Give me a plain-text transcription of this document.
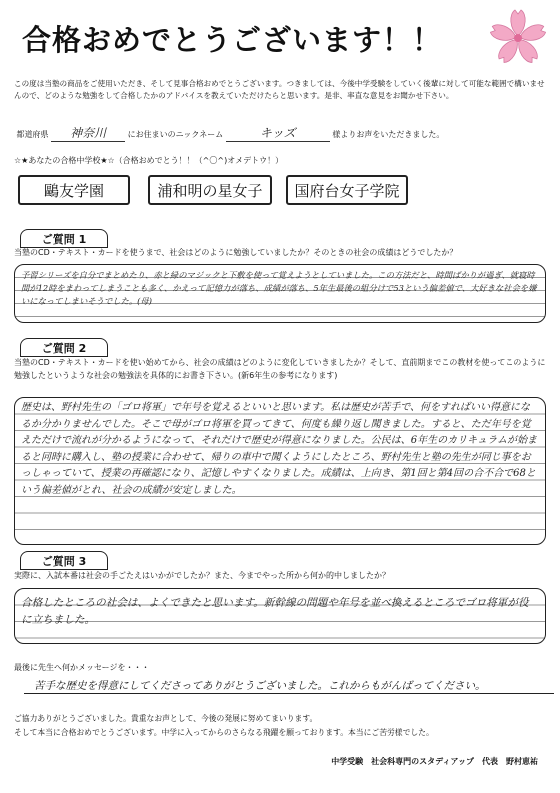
合格おめでとうございます！！
この度は当塾の商品をご使用いただき、そして見事合格おめでとうございます。つきましては、今後中学受験をしていく後輩に対して可能な範囲で構いませんので、どのような勉強をして合格したかのアドバイスを教えていただけたらと思います。是非、率直な意見をお聞かせ下さい。
都道府県 神奈川	にお住まいのニックネーム	キッズ	様よりお声をいただきました。
☆★あなたの合格中学校★☆（合格おめでとう！！（^〇^)オメデトウ！）
鷗友学園	浦和明の星女子	国府台女子学院
ご質問 1
当塾のCD・テキスト・カードを使うまで、社会はどのように勉強していましたか？そのときの社会の成績はどうでしたか？
予習シリーズを自分でまとめたり、赤と緑のマジックと下敷を使って覚えようとしていました。この方法だと、時間ばかりが過ぎ、就寝時間が12時をまわってしまうことも多く、かえって記憶力が落ち、成績が落ち、5年生最後の組分けで53という偏差値で、大好きな社会を嫌いになってしまいそうでした。(母)
ご質問 2
当塾のCD・テキスト・カードを使い始めてから、社会の成績はどのように変化していきましたか？そして、直前期までこの教材を使ってこのように勉強したというような社会の勉強法を具体的にお書き下さい。(新6年生の参考になります)
歴史は、野村先生の「ゴロ将軍」で年号を覚えるといいと思います。私は歴史が苦手で、何をすればいい得意になるか分かりませんでした。そこで母がゴロ将軍を買ってきて、何度も繰り返し聞きました。すると、ただ年号を覚えただけで流れが分かるようになって、それだけで歴史が得意になりました。公民は、6年生のカリキュラムが始まると同時に購入し、塾の授業に合わせて、帰りの車中で聞くようにしたところ、野村先生と塾の先生が同じ事をおっしゃっていて、授業の再確認になり、記憶しやすくなりました。成績は、上向き、第1回と第4回の合不合で68という偏差値がとれ、社会の成績が安定しました。
ご質問 3
実際に、入試本番は社会の手ごたえはいかがでしたか？また、今までやった所から何か的中しましたか？
合格したところの社会は、よくできたと思います。新幹線の問題や年号を並べ換えるところでゴロ将軍が役に立ちました。
最後に先生へ何かメッセージを・・・
苦手な歴史を得意にしてくださってありがとうございました。これからもがんばってください。
ご協力ありがとうございました。貴重なお声として、今後の発展に努めてまいります。
そして本当に合格おめでとうございます。中学に入ってからのさらなる飛躍を願っております。本当にご苦労様でした。
中学受験　社会科専門のスタディアップ　代表　野村恵祐
